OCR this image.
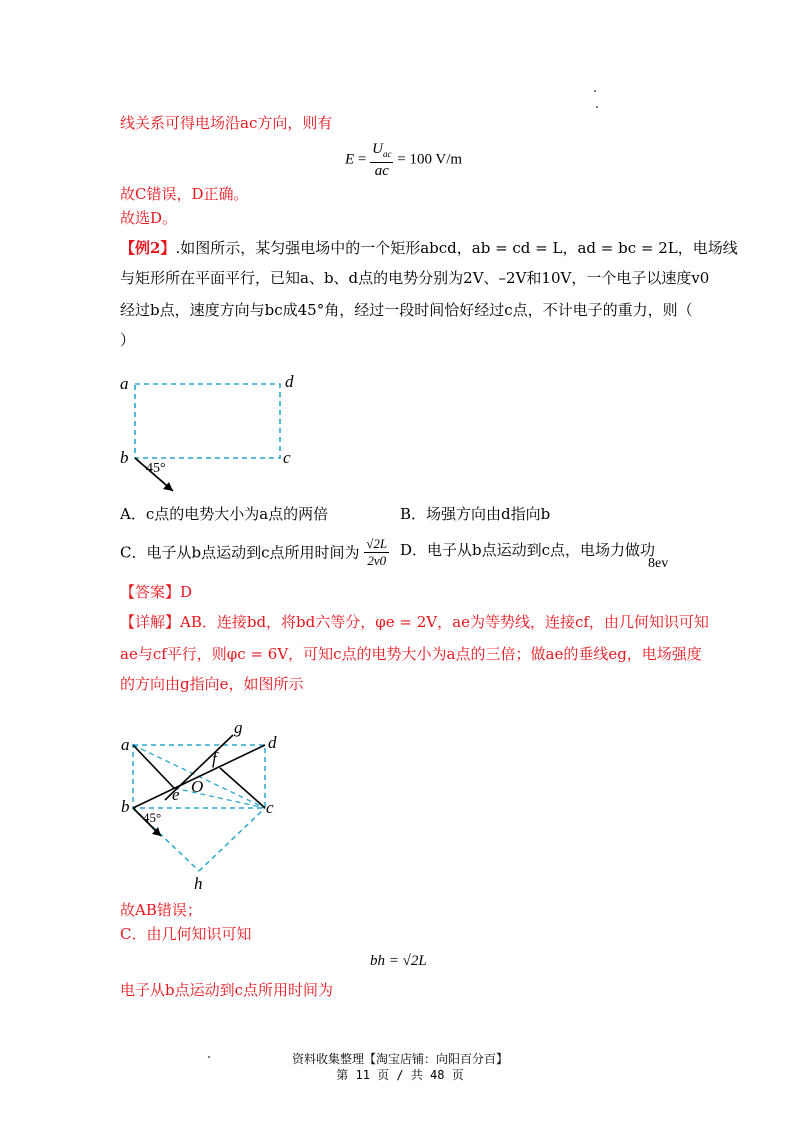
线关系可得电场沿ac方向，则有
$E = \frac{U_{ac}}{ac} = 100$ V/m
故C错误，D正确。
故选D。
【例2】.如图所示，某匀强电场中的一个矩形abcd，ab = cd = L，ad = bc = 2L，电场线
与矩形所在平面平行，已知a、b、d点的电势分别为2V、–2V和10V，一个电子以速度v0
经过b点，速度方向与bc成45°角，经过一段时间恰好经过c点，不计电子的重力，则（
）
a	d
b	c
45°
A．c点的电势大小为a点的两倍	B．场强方向由d指向b
C．电子从b点运动到c点所用时间为 $\frac{√2L}{2v0}$ D．电子从b点运动到c点，电场力做功
8ev
【答案】D
【详解】AB．连接bd，将bd六等分，φe = 2V，ae为等势线，连接cf，由几何知识可知
ae与cf平行，则φc = 6V，可知c点的电势大小为a点的三倍；做ae的垂线eg，电场强度
的方向由g指向e，如图所示
a	d
g
f
O
e
b	c
h
45°
故AB错误；
C．由几何知识可知
bh = √2L
电子从b点运动到c点所用时间为
资料收集整理【淘宝店铺：向阳百分百】
第 11 页 / 共 48 页
